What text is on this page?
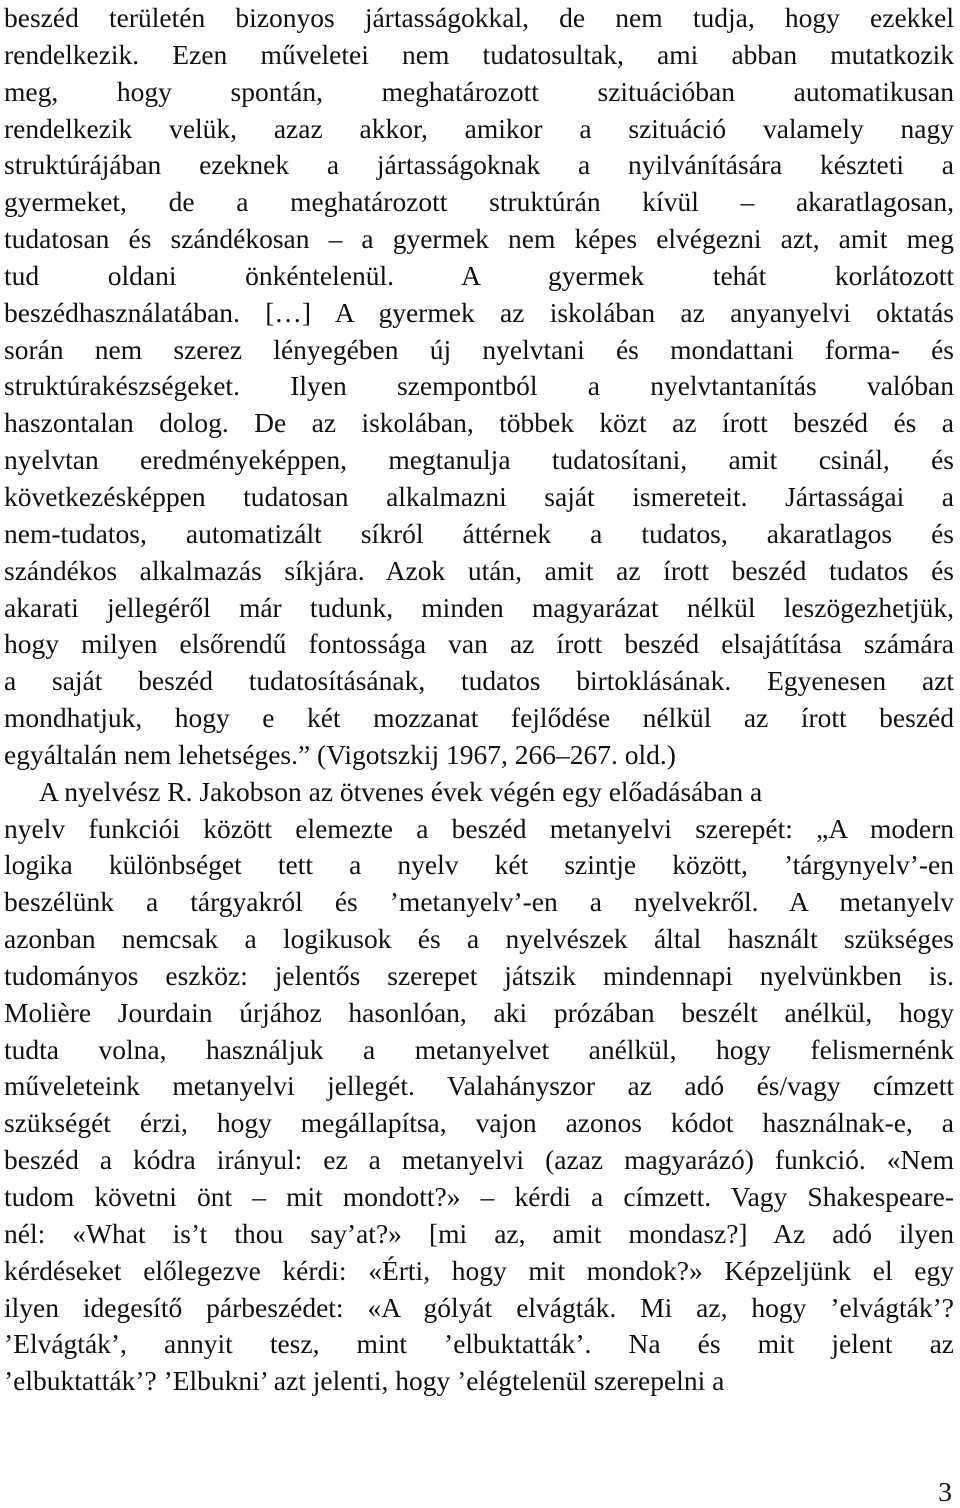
beszéd területén bizonyos jártasságokkal, de nem tudja, hogy ezekkel
rendelkezik. Ezen műveletei nem tudatosultak, ami abban mutatkozik
meg, hogy spontán, meghatározott szituációban automatikusan
rendelkezik velük, azaz akkor, amikor a szituáció valamely nagy
struktúrájában ezeknek a jártasságoknak a nyilvánítására készteti a
gyermeket, de a meghatározott struktúrán kívül – akaratlagosan,
tudatosan és szándékosan – a gyermek nem képes elvégezni azt, amit meg
tud oldani önkéntelenül. A gyermek tehát korlátozott
beszédhasználatában. […] A gyermek az iskolában az anyanyelvi oktatás
során nem szerez lényegében új nyelvtani és mondattani forma- és
struktúrakészségeket. Ilyen szempontból a nyelvtantanítás valóban
haszontalan dolog. De az iskolában, többek közt az írott beszéd és a
nyelvtan eredményeképpen, megtanulja tudatosítani, amit csinál, és
következésképpen tudatosan alkalmazni saját ismereteit. Jártasságai a
nem-tudatos, automatizált síkról áttérnek a tudatos, akaratlagos és
szándékos alkalmazás síkjára. Azok után, amit az írott beszéd tudatos és
akarati jellegéről már tudunk, minden magyarázat nélkül leszögezhetjük,
hogy milyen elsőrendű fontossága van az írott beszéd elsajátítása számára
a saját beszéd tudatosításának, tudatos birtoklásának. Egyenesen azt
mondhatjuk, hogy e két mozzanat fejlődése nélkül az írott beszéd
egyáltalán nem lehetséges.” (Vigotszkij 1967, 266–267. old.)
A nyelvész R. Jakobson az ötvenes évek végén egy előadásában a
nyelv funkciói között elemezte a beszéd metanyelvi szerepét: „A modern
logika különbséget tett a nyelv két szintje között, ’tárgynyelv’-en
beszélünk a tárgyakról és ’metanyelv’-en a nyelvekről. A metanyelv
azonban nemcsak a logikusok és a nyelvészek által használt szükséges
tudományos eszköz: jelentős szerepet játszik mindennapi nyelvünkben is.
Molière Jourdain úrjához hasonlóan, aki prózában beszélt anélkül, hogy
tudta volna, használjuk a metanyelvet anélkül, hogy felismernénk
műveleteink metanyelvi jellegét. Valahányszor az adó és/vagy címzett
szükségét érzi, hogy megállapítsa, vajon azonos kódot használnak-e, a
beszéd a kódra irányul: ez a metanyelvi (azaz magyarázó) funkció. «Nem
tudom követni önt – mit mondott?» – kérdi a címzett. Vagy Shakespeare-
nél: «What is’t thou say’at?» [mi az, amit mondasz?] Az adó ilyen
kérdéseket előlegezve kérdi: «Érti, hogy mit mondok?» Képzeljünk el egy
ilyen idegesítő párbeszédet: «A gólyát elvágták. Mi az, hogy ’elvágták’?
’Elvágták’, annyit tesz, mint ’elbuktatták’. Na és mit jelent az
’elbuktatták’? ’Elbukni’ azt jelenti, hogy ’elégtelenül szerepelni a
3
